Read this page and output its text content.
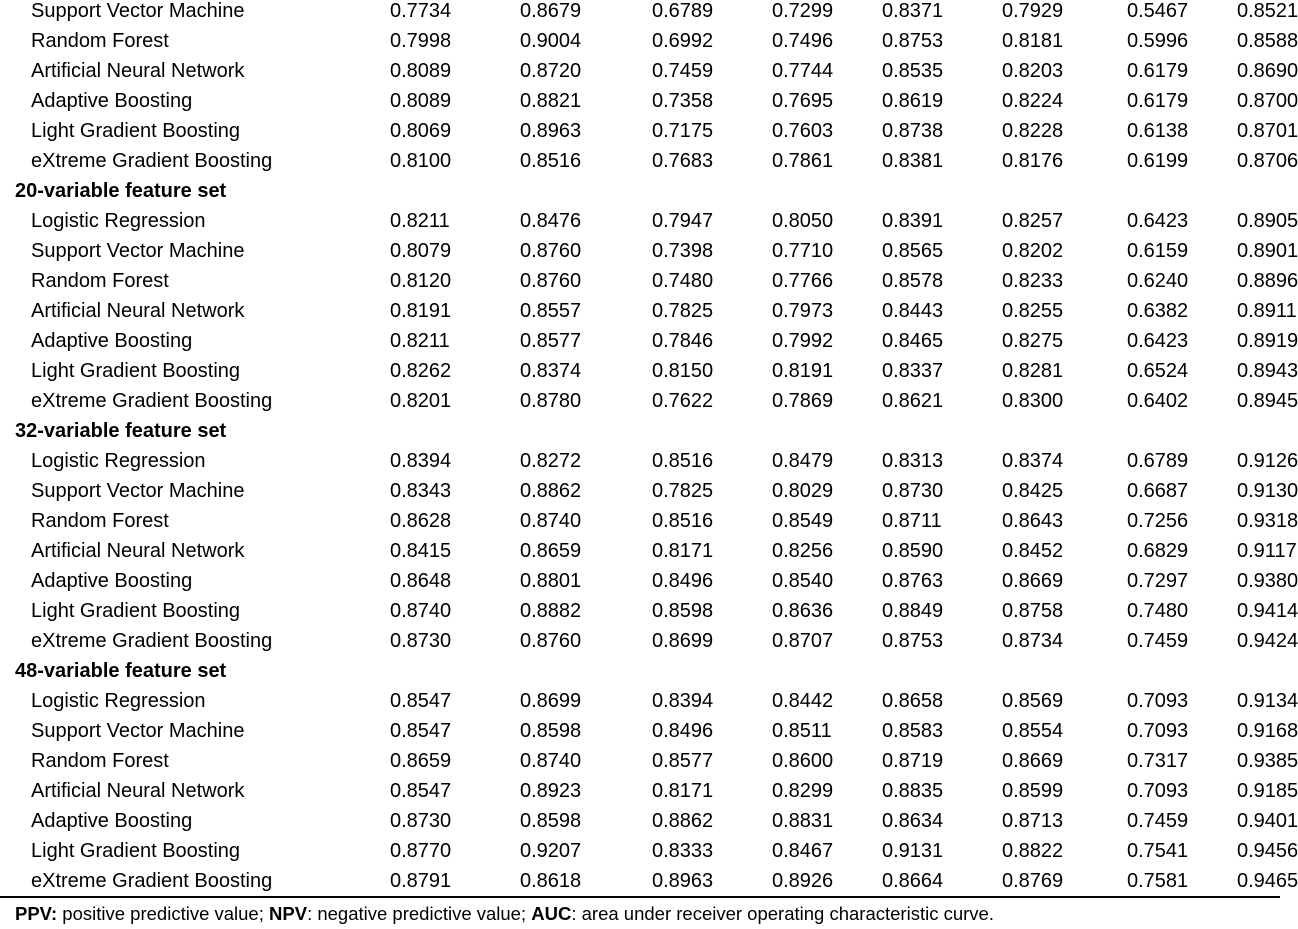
Support Vector Machine	0.7734	0.8679	0.6789	0.7299	0.8371	0.7929	0.5467	0.8521
Random Forest	0.7998	0.9004	0.6992	0.7496	0.8753	0.8181	0.5996	0.8588
Artificial Neural Network	0.8089	0.8720	0.7459	0.7744	0.8535	0.8203	0.6179	0.8690
Adaptive Boosting	0.8089	0.8821	0.7358	0.7695	0.8619	0.8224	0.6179	0.8700
Light Gradient Boosting	0.8069	0.8963	0.7175	0.7603	0.8738	0.8228	0.6138	0.8701
eXtreme Gradient Boosting	0.8100	0.8516	0.7683	0.7861	0.8381	0.8176	0.6199	0.8706
20-variable feature set								
Logistic Regression	0.8211	0.8476	0.7947	0.8050	0.8391	0.8257	0.6423	0.8905
Support Vector Machine	0.8079	0.8760	0.7398	0.7710	0.8565	0.8202	0.6159	0.8901
Random Forest	0.8120	0.8760	0.7480	0.7766	0.8578	0.8233	0.6240	0.8896
Artificial Neural Network	0.8191	0.8557	0.7825	0.7973	0.8443	0.8255	0.6382	0.8911
Adaptive Boosting	0.8211	0.8577	0.7846	0.7992	0.8465	0.8275	0.6423	0.8919
Light Gradient Boosting	0.8262	0.8374	0.8150	0.8191	0.8337	0.8281	0.6524	0.8943
eXtreme Gradient Boosting	0.8201	0.8780	0.7622	0.7869	0.8621	0.8300	0.6402	0.8945
32-variable feature set								
Logistic Regression	0.8394	0.8272	0.8516	0.8479	0.8313	0.8374	0.6789	0.9126
Support Vector Machine	0.8343	0.8862	0.7825	0.8029	0.8730	0.8425	0.6687	0.9130
Random Forest	0.8628	0.8740	0.8516	0.8549	0.8711	0.8643	0.7256	0.9318
Artificial Neural Network	0.8415	0.8659	0.8171	0.8256	0.8590	0.8452	0.6829	0.9117
Adaptive Boosting	0.8648	0.8801	0.8496	0.8540	0.8763	0.8669	0.7297	0.9380
Light Gradient Boosting	0.8740	0.8882	0.8598	0.8636	0.8849	0.8758	0.7480	0.9414
eXtreme Gradient Boosting	0.8730	0.8760	0.8699	0.8707	0.8753	0.8734	0.7459	0.9424
48-variable feature set								
Logistic Regression	0.8547	0.8699	0.8394	0.8442	0.8658	0.8569	0.7093	0.9134
Support Vector Machine	0.8547	0.8598	0.8496	0.8511	0.8583	0.8554	0.7093	0.9168
Random Forest	0.8659	0.8740	0.8577	0.8600	0.8719	0.8669	0.7317	0.9385
Artificial Neural Network	0.8547	0.8923	0.8171	0.8299	0.8835	0.8599	0.7093	0.9185
Adaptive Boosting	0.8730	0.8598	0.8862	0.8831	0.8634	0.8713	0.7459	0.9401
Light Gradient Boosting	0.8770	0.9207	0.8333	0.8467	0.9131	0.8822	0.7541	0.9456
eXtreme Gradient Boosting	0.8791	0.8618	0.8963	0.8926	0.8664	0.8769	0.7581	0.9465
PPV: positive predictive value; NPV: negative predictive value; AUC: area under receiver operating characteristic curve.
